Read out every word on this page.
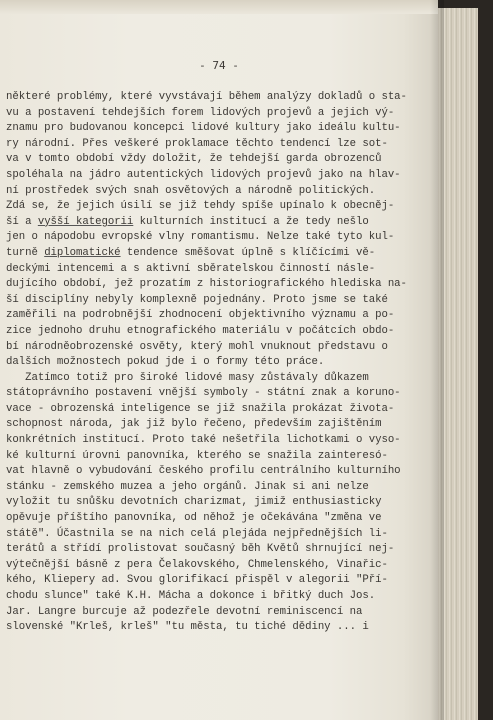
- 74 -
některé problémy, které vyvstávají během analýzy dokladů o sta-
vu a postavení tehdejších forem lidových projevů a jejich vý-
znamu pro budovanou koncepci lidové kultury jako ideálu kultu-
ry národní. Přes veškeré proklamace těchto tendencí lze sot-
va v tomto období vždy doložit, že tehdejší garda obrozenců
spoléhala na jádro autentických lidových projevů jako na hlav-
ní prostředek svých snah osvětových a národně politických.
Zdá se, že jejich úsilí se již tehdy spíše upínalo k obecněj-
ší a vyšší kategorii kulturních institucí a že tedy nešlo
jen o nápodobu evropské vlny romantismu. Nelze také tyto kul-
turně diplomatické tendence směšovat úplně s klíčícími vě-
deckými intencemi a s aktivní sběratelskou činností násle-
dujícího období, jež prozatím z historiografického hlediska na-
ší disciplíny nebyly komplexně pojednány. Proto jsme se také
zaměřili na podrobnější zhodnocení objektivního významu a po-
zice jednoho druhu etnografického materiálu v počátcích obdo-
bí národněobrozenské osvěty, který mohl vnuknout představu o
dalších možnostech pokud jde i o formy této práce.
Zatímco totiž pro široké lidové masy zůstávaly důkazem
státoprávního postavení vnější symboly - státní znak a koruno-
vace - obrozenská inteligence se již snažila prokázat života-
schopnost národa, jak již bylo řečeno, především zajištěním
konkrétních institucí. Proto také nešetřila lichotkami o vyso-
ké kulturní úrovni panovníka, kterého se snažila zainteresó-
vat hlavně o vybudování českého profilu centrálního kulturního
stánku - zemského muzea a jeho orgánů. Jinak si ani nelze
vyložit tu snůšku devotních charizmat, jimiž enthusiasticky
opěvuje příštího panovníka, od něhož je očekávána "změna ve
státě". Účastnila se na nich celá plejáda nejpřednějších li-
terátů a střídí prolistovat současný běh Květů shrnující nej-
výtečnější básně z pera Čelakovského, Chmelenského, Vinařic-
kého, Kliepery ad. Svou glorifikací přispěl v alegorii "Pří-
chodu slunce" také K.H. Mácha a dokonce i břitký duch Jos.
Jar. Langre burcuje až podezřele devotní reminiscencí na
slovenské "Krleš, krleš" "tu města, tu tiché dědiny ... i
